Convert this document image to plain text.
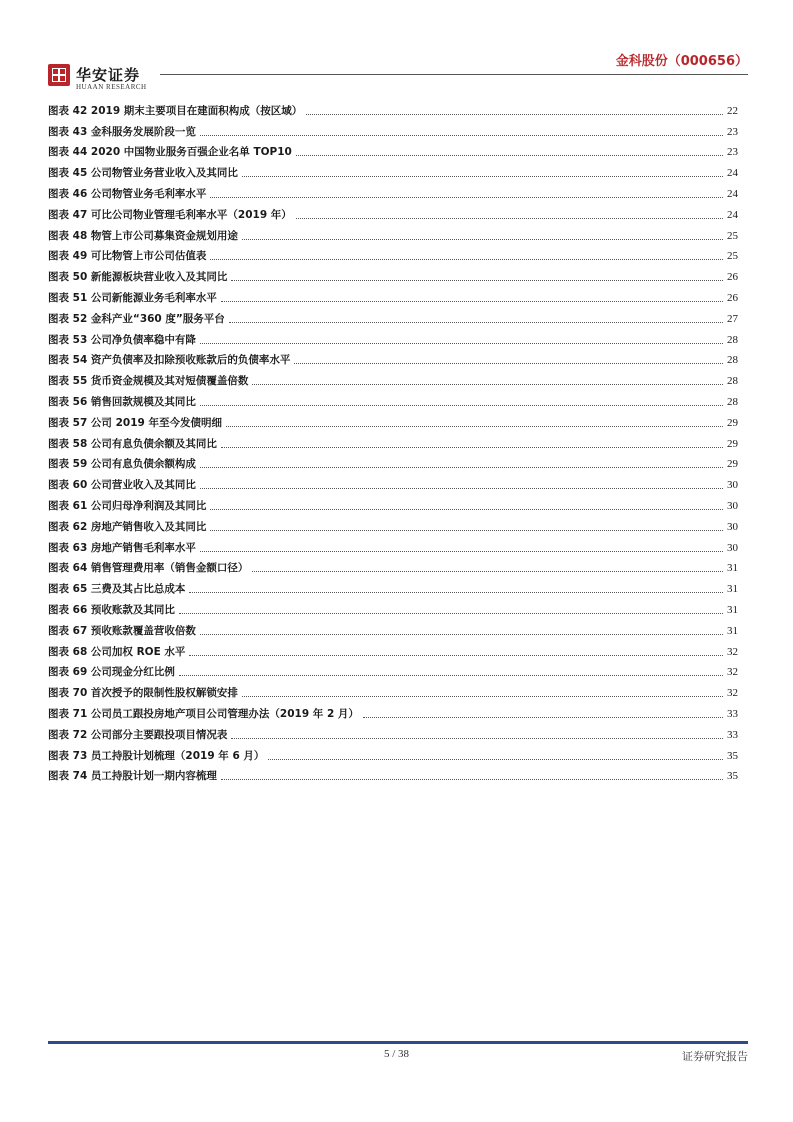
华安证券
HUAAN RESEARCH
金科股份（000656）
图表 42 2019 期末主要项目在建面积构成（按区域）	22
图表 43 金科服务发展阶段一览	23
图表 44 2020 中国物业服务百强企业名单 TOP10	23
图表 45 公司物管业务营业收入及其同比	24
图表 46 公司物管业务毛利率水平	24
图表 47 可比公司物业管理毛利率水平（2019 年）	24
图表 48 物管上市公司募集资金规划用途	25
图表 49 可比物管上市公司估值表	25
图表 50 新能源板块营业收入及其同比	26
图表 51 公司新能源业务毛利率水平	26
图表 52 金科产业“360 度”服务平台	27
图表 53 公司净负债率稳中有降	28
图表 54 资产负债率及扣除预收账款后的负债率水平	28
图表 55 货币资金规模及其对短债覆盖倍数	28
图表 56 销售回款规模及其同比	28
图表 57 公司 2019 年至今发债明细	29
图表 58 公司有息负债余额及其同比	29
图表 59 公司有息负债余额构成	29
图表 60 公司营业收入及其同比	30
图表 61 公司归母净利润及其同比	30
图表 62 房地产销售收入及其同比	30
图表 63 房地产销售毛利率水平	30
图表 64 销售管理费用率（销售金额口径）	31
图表 65 三费及其占比总成本	31
图表 66 预收账款及其同比	31
图表 67 预收账款覆盖营收倍数	31
图表 68 公司加权 ROE 水平	32
图表 69 公司现金分红比例	32
图表 70 首次授予的限制性股权解锁安排	32
图表 71 公司员工跟投房地产项目公司管理办法（2019 年 2 月）	33
图表 72 公司部分主要跟投项目情况表	33
图表 73 员工持股计划梳理（2019 年 6 月）	35
图表 74 员工持股计划一期内容梳理	35
5 / 38	证券研究报告
